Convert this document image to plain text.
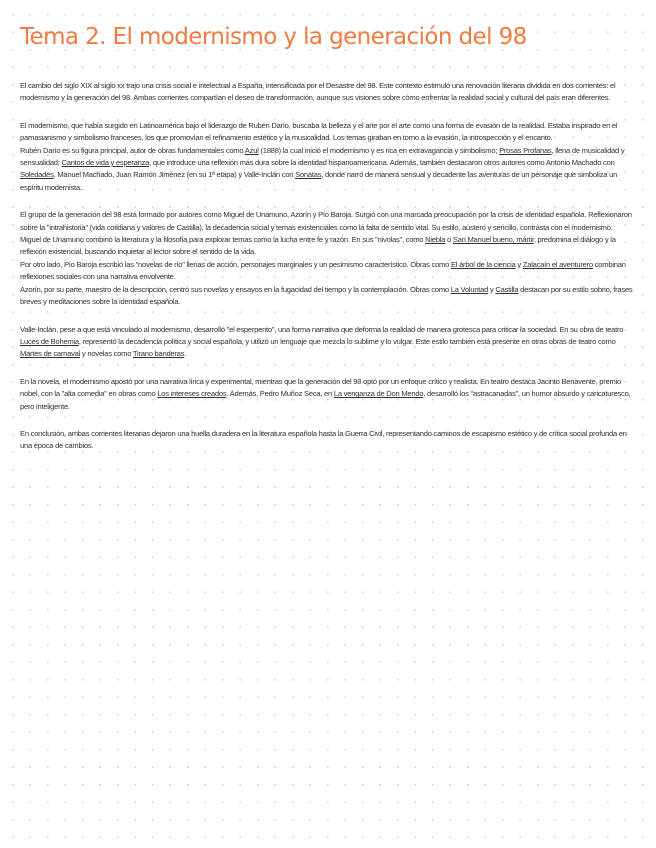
Tema 2. El modernismo y la generación del 98

El cambio del siglo XIX al siglo xx trajo una crisis social e intelectual a España, intensificada por el Desastre del 98. Este contexto estimuló una renovación literaria dividida en dos corrientes: el modernismo y la generación del 98. Ambas corrientes compartían el deseo de transformación, aunque sus visiones sobre cómo enfrentar la realidad social y cultural del país eran diferentes.

El modernismo, que había surgido en Latinoamérica bajo el liderazgo de Rubén Darío, buscaba la belleza y el arte por el arte como una forma de evasión de la realidad. Estaba inspirado en el parnasianismo y simbolismo franceses, los que promovían el refinamiento estético y la musicalidad. Los temas giraban en torno a la evasión, la introspección y el encanto.
Rubén Darío es su figura principal, autor de obras fundamentales como Azul (1888) la cual inició el modernismo y es rica en extravagancia y simbolismo; Prosas Profanas, llena de musicalidad y sensualidad; Cantos de vida y esperanza, que introduce una reflexión más dura sobre la identidad hispanoamericana. Además, también destacaron otros autores como Antonio Machado con Soledades, Manuel Machado, Juan Ramón Jiménez (en su 1ª etapa) y Valle-Inclán con Sonatas, donde narró de manera sensual y decadente las aventuras de un personaje que simboliza un espíritu modernista.

El grupo de la generación del 98 está formado por autores como Miguel de Unamuno, Azorín y Pío Baroja. Surgió con una marcada preocupación por la crisis de identidad española. Reflexionaron sobre la "intrahistoria" (vida cotidiana y valores de Castilla), la decadencia social y temas existenciales como la falta de sentido vital. Su estilo, austero y sencillo, contrasta con el modernismo.
Miguel de Unamuno combinó la literatura y la filosofía para explorar temas como la lucha entre fe y razón. En sus "nivolas", como Niebla o San Manuel bueno, mártir, predomina el diálogo y la reflexión existencial, buscando inquietar al lector sobre el sentido de la vida.
Por otro lado, Pío Baroja escribió las "novelas de río" llenas de acción, personajes marginales y un pesimismo característico. Obras como El árbol de la ciencia y Zalacaín el aventurero combinan reflexiones sociales con una narrativa envolvente.
Azorín, por su parte, maestro de la descripción, centró sus novelas y ensayos en la fugacidad del tiempo y la contemplación. Obras como La Voluntad y Castilla destacan por su estilo sobrio, frases breves y meditaciones sobre la identidad española.

Valle-Inclán, pese a que está vinculado al modernismo, desarrolló "el esperpento", una forma narrativa que deforma la realidad de manera grotesca para criticar la sociedad. En su obra de teatro Luces de Bohemia, representó la decadencia política y social española, y utilizó un lenguaje que mezcla lo sublime y lo vulgar. Este estilo también está presente en otras obras de teatro como Martes de carnaval y novelas como Tirano banderas.

En la novela, el modernismo apostó por una narrativa lírica y experimental, mientras que la generación del 98 optó por un enfoque crítico y realista. En teatro destaca Jacinto Benavente, premio nobel, con la "alta comedia" en obras como Los intereses creados. Además, Pedro Muñoz Seca, en La venganza de Don Mendo, desarrolló los "astracanadas", un humor absurdo y caricaturesco, pero inteligente.

En conclusión, ambas corrientes literarias dejaron una huella duradera en la literatura española hasta la Guerra Civil, representando caminos de escapismo estético y de crítica social profunda en una época de cambios.
